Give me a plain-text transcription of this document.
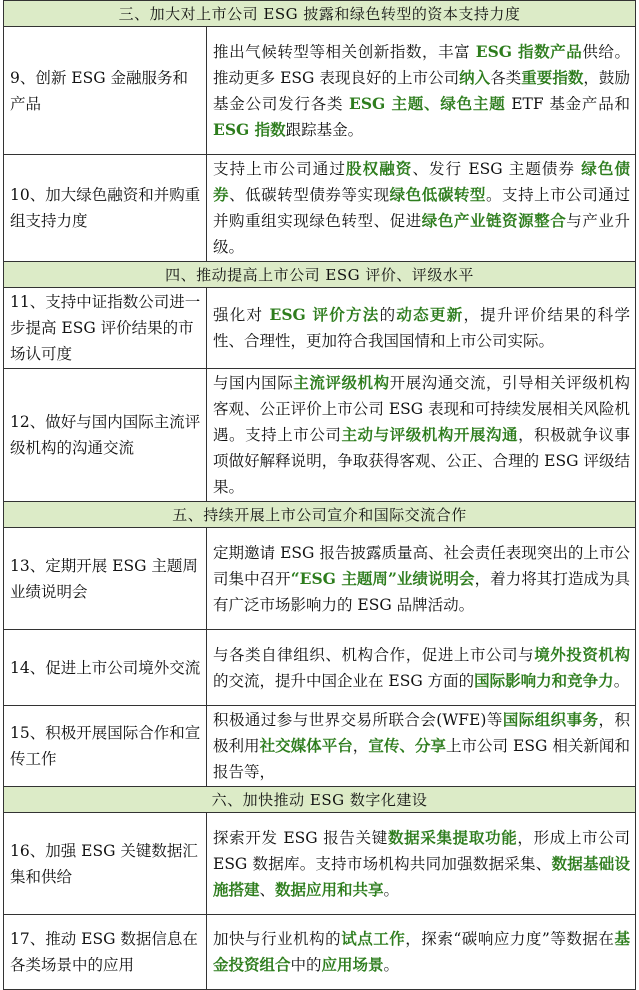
三、加大对上市公司 ESG 披露和绿色转型的资本支持力度	
9、创新 ESG 金融服务和产品	推出气候转型等相关创新指数，丰富 ESG 指数产品供给。推动更多 ESG 表现良好的上市公司纳入各类重要指数，鼓励基金公司发行各类 ESG 主题、绿色主题 ETF 基金产品和 ESG 指数跟踪基金。
10、加大绿色融资和并购重组支持力度	支持上市公司通过股权融资、发行 ESG 主题债券 绿色债券、低碳转型债券等实现绿色低碳转型。支持上市公司通过并购重组实现绿色转型、促进绿色产业链资源整合与产业升级。
四、推动提高上市公司 ESG 评价、评级水平	
11、支持中证指数公司进一步提高 ESG 评价结果的市场认可度	强化对 ESG 评价方法的动态更新，提升评价结果的科学性、合理性，更加符合我国国情和上市公司实际。
12、做好与国内国际主流评级机构的沟通交流	与国内国际主流评级机构开展沟通交流，引导相关评级机构客观、公正评价上市公司 ESG 表现和可持续发展相关风险机遇。支持上市公司主动与评级机构开展沟通，积极就争议事项做好解释说明，争取获得客观、公正、合理的 ESG 评级结果。
五、持续开展上市公司宣介和国际交流合作	
13、定期开展 ESG 主题周业绩说明会	定期邀请 ESG 报告披露质量高、社会责任表现突出的上市公司集中召开“ESG 主题周”业绩说明会，着力将其打造成为具有广泛市场影响力的 ESG 品牌活动。
14、促进上市公司境外交流	与各类自律组织、机构合作，促进上市公司与境外投资机构的交流，提升中国企业在 ESG 方面的国际影响力和竞争力。
15、积极开展国际合作和宣传工作	积极通过参与世界交易所联合会(WFE)等国际组织事务，积极利用社交媒体平台，宣传、分享上市公司 ESG 相关新闻和报告等，
六、加快推动 ESG 数字化建设	
16、加强 ESG 关键数据汇集和供给	探索开发 ESG 报告关键数据采集提取功能，形成上市公司 ESG 数据库。支持市场机构共同加强数据采集、数据基础设施搭建、数据应用和共享。
17、推动 ESG 数据信息在各类场景中的应用	加快与行业机构的试点工作，探索“碳响应力度”等数据在基金投资组合中的应用场景。
